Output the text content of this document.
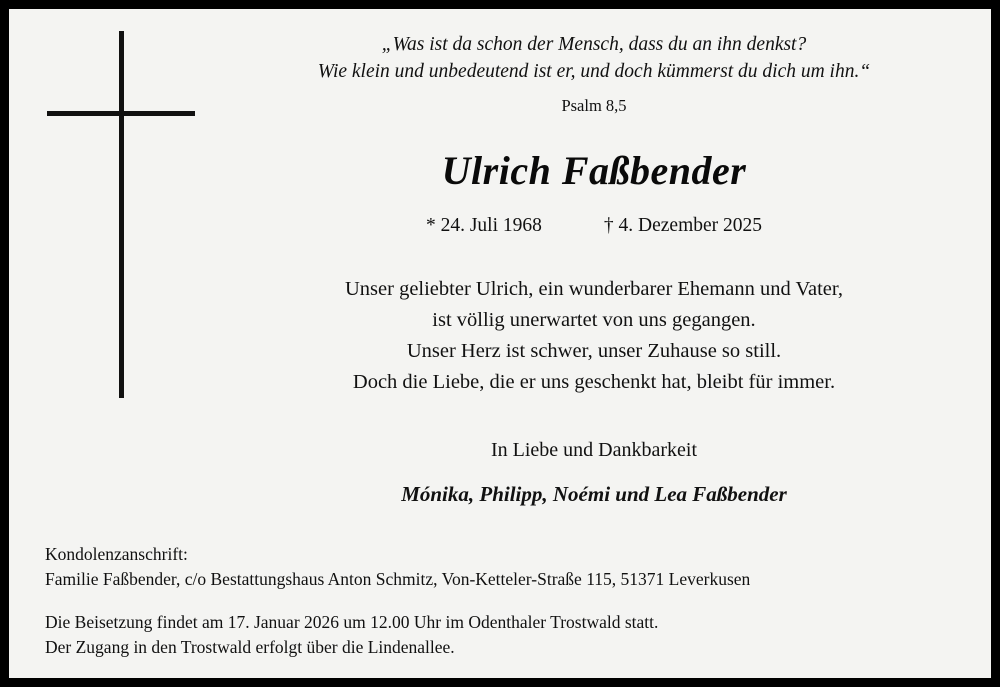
„Was ist da schon der Mensch, dass du an ihn denkst?
Wie klein und unbedeutend ist er, und doch kümmerst du dich um ihn.“
Psalm 8,5
Ulrich Faßbender
* 24. Juli 1968	† 4. Dezember 2025
Unser geliebter Ulrich, ein wunderbarer Ehemann und Vater,
ist völlig unerwartet von uns gegangen.
Unser Herz ist schwer, unser Zuhause so still.
Doch die Liebe, die er uns geschenkt hat, bleibt für immer.
In Liebe und Dankbarkeit
Mónika, Philipp, Noémi und Lea Faßbender
Kondolenzanschrift:
Familie Faßbender, c/o Bestattungshaus Anton Schmitz, Von-Ketteler-Straße 115, 51371 Leverkusen
Die Beisetzung findet am 17. Januar 2026 um 12.00 Uhr im Odenthaler Trostwald statt.
Der Zugang in den Trostwald erfolgt über die Lindenallee.
